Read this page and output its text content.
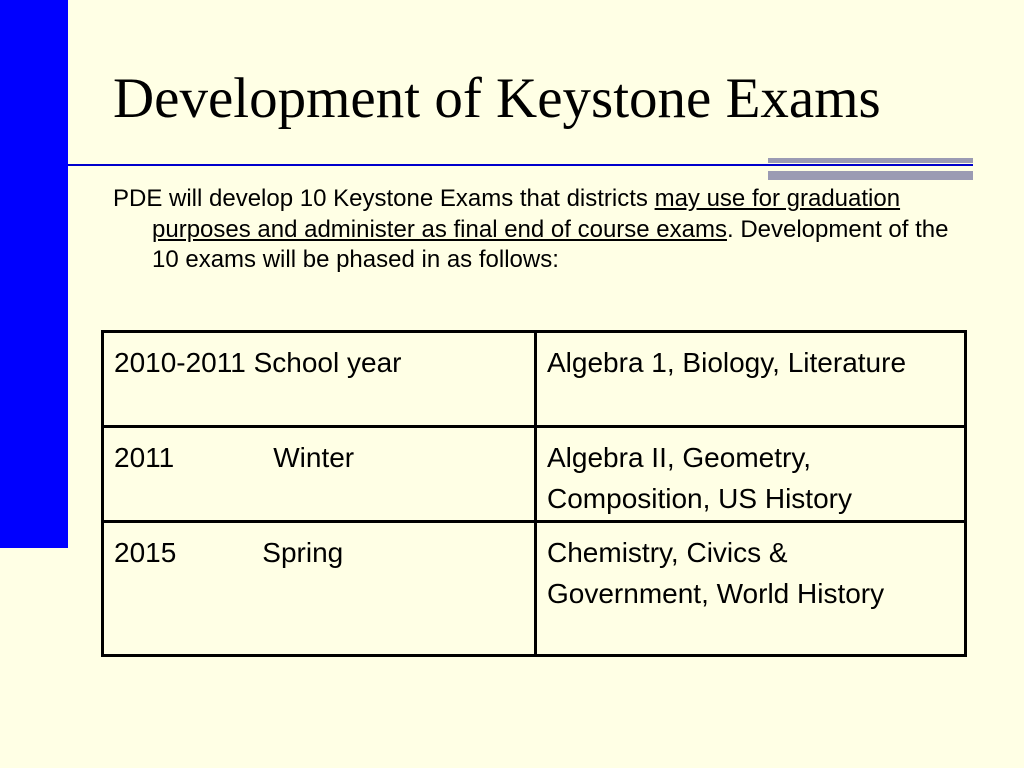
Development of Keystone Exams

PDE will develop 10 Keystone Exams that districts may use for graduation purposes and administer as final end of course exams. Development of the 10 exams will be phased in as follows:

2010-2011 School year	Algebra 1, Biology, Literature
2011 Winter	Algebra II, Geometry, Composition, US History
2015 Spring	Chemistry, Civics & Government, World History
